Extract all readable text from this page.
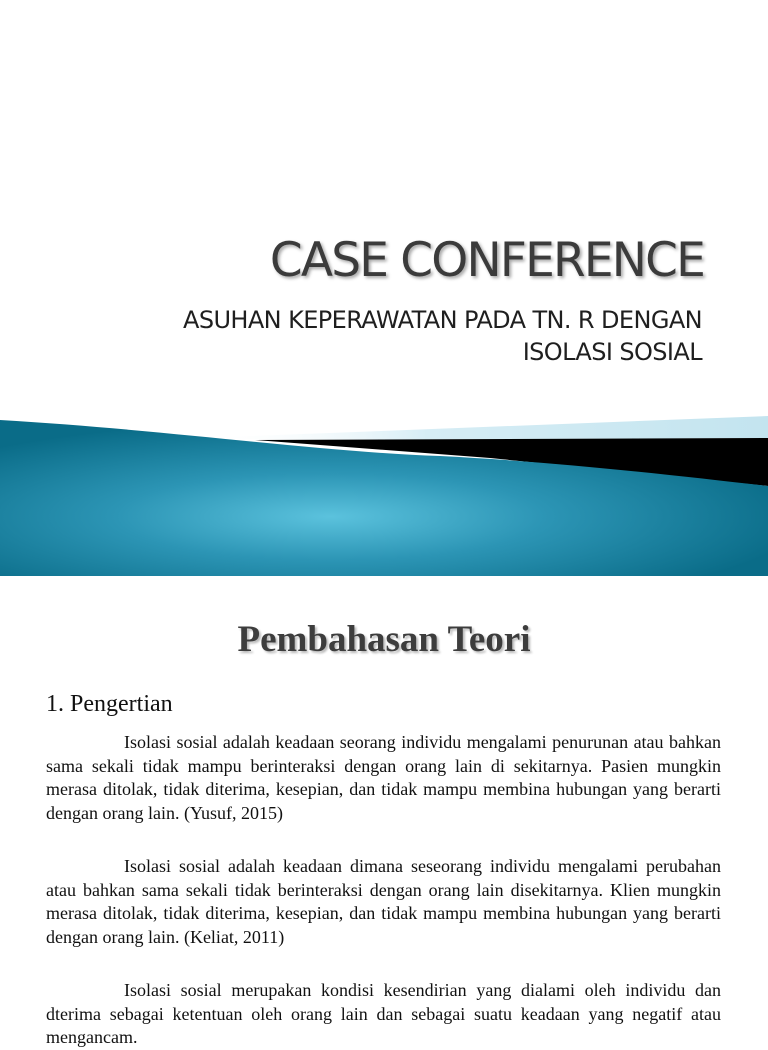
CASE CONFERENCE
ASUHAN KEPERAWATAN PADA TN. R DENGAN
ISOLASI SOSIAL
Pembahasan Teori
1. Pengertian

Isolasi sosial adalah keadaan seorang individu mengalami penurunan atau bahkan sama sekali tidak mampu berinteraksi dengan orang lain di sekitarnya. Pasien mungkin merasa ditolak, tidak diterima, kesepian, dan tidak mampu membina hubungan yang berarti dengan orang lain. (Yusuf, 2015)

Isolasi sosial adalah keadaan dimana seseorang individu mengalami perubahan atau bahkan sama sekali tidak berinteraksi dengan orang lain disekitarnya. Klien mungkin merasa ditolak, tidak diterima, kesepian, dan tidak mampu membina hubungan yang berarti dengan orang lain. (Keliat, 2011)

Isolasi sosial merupakan kondisi kesendirian yang dialami oleh individu dan dterima sebagai ketentuan oleh orang lain dan sebagai suatu keadaan yang negatif atau mengancam.
